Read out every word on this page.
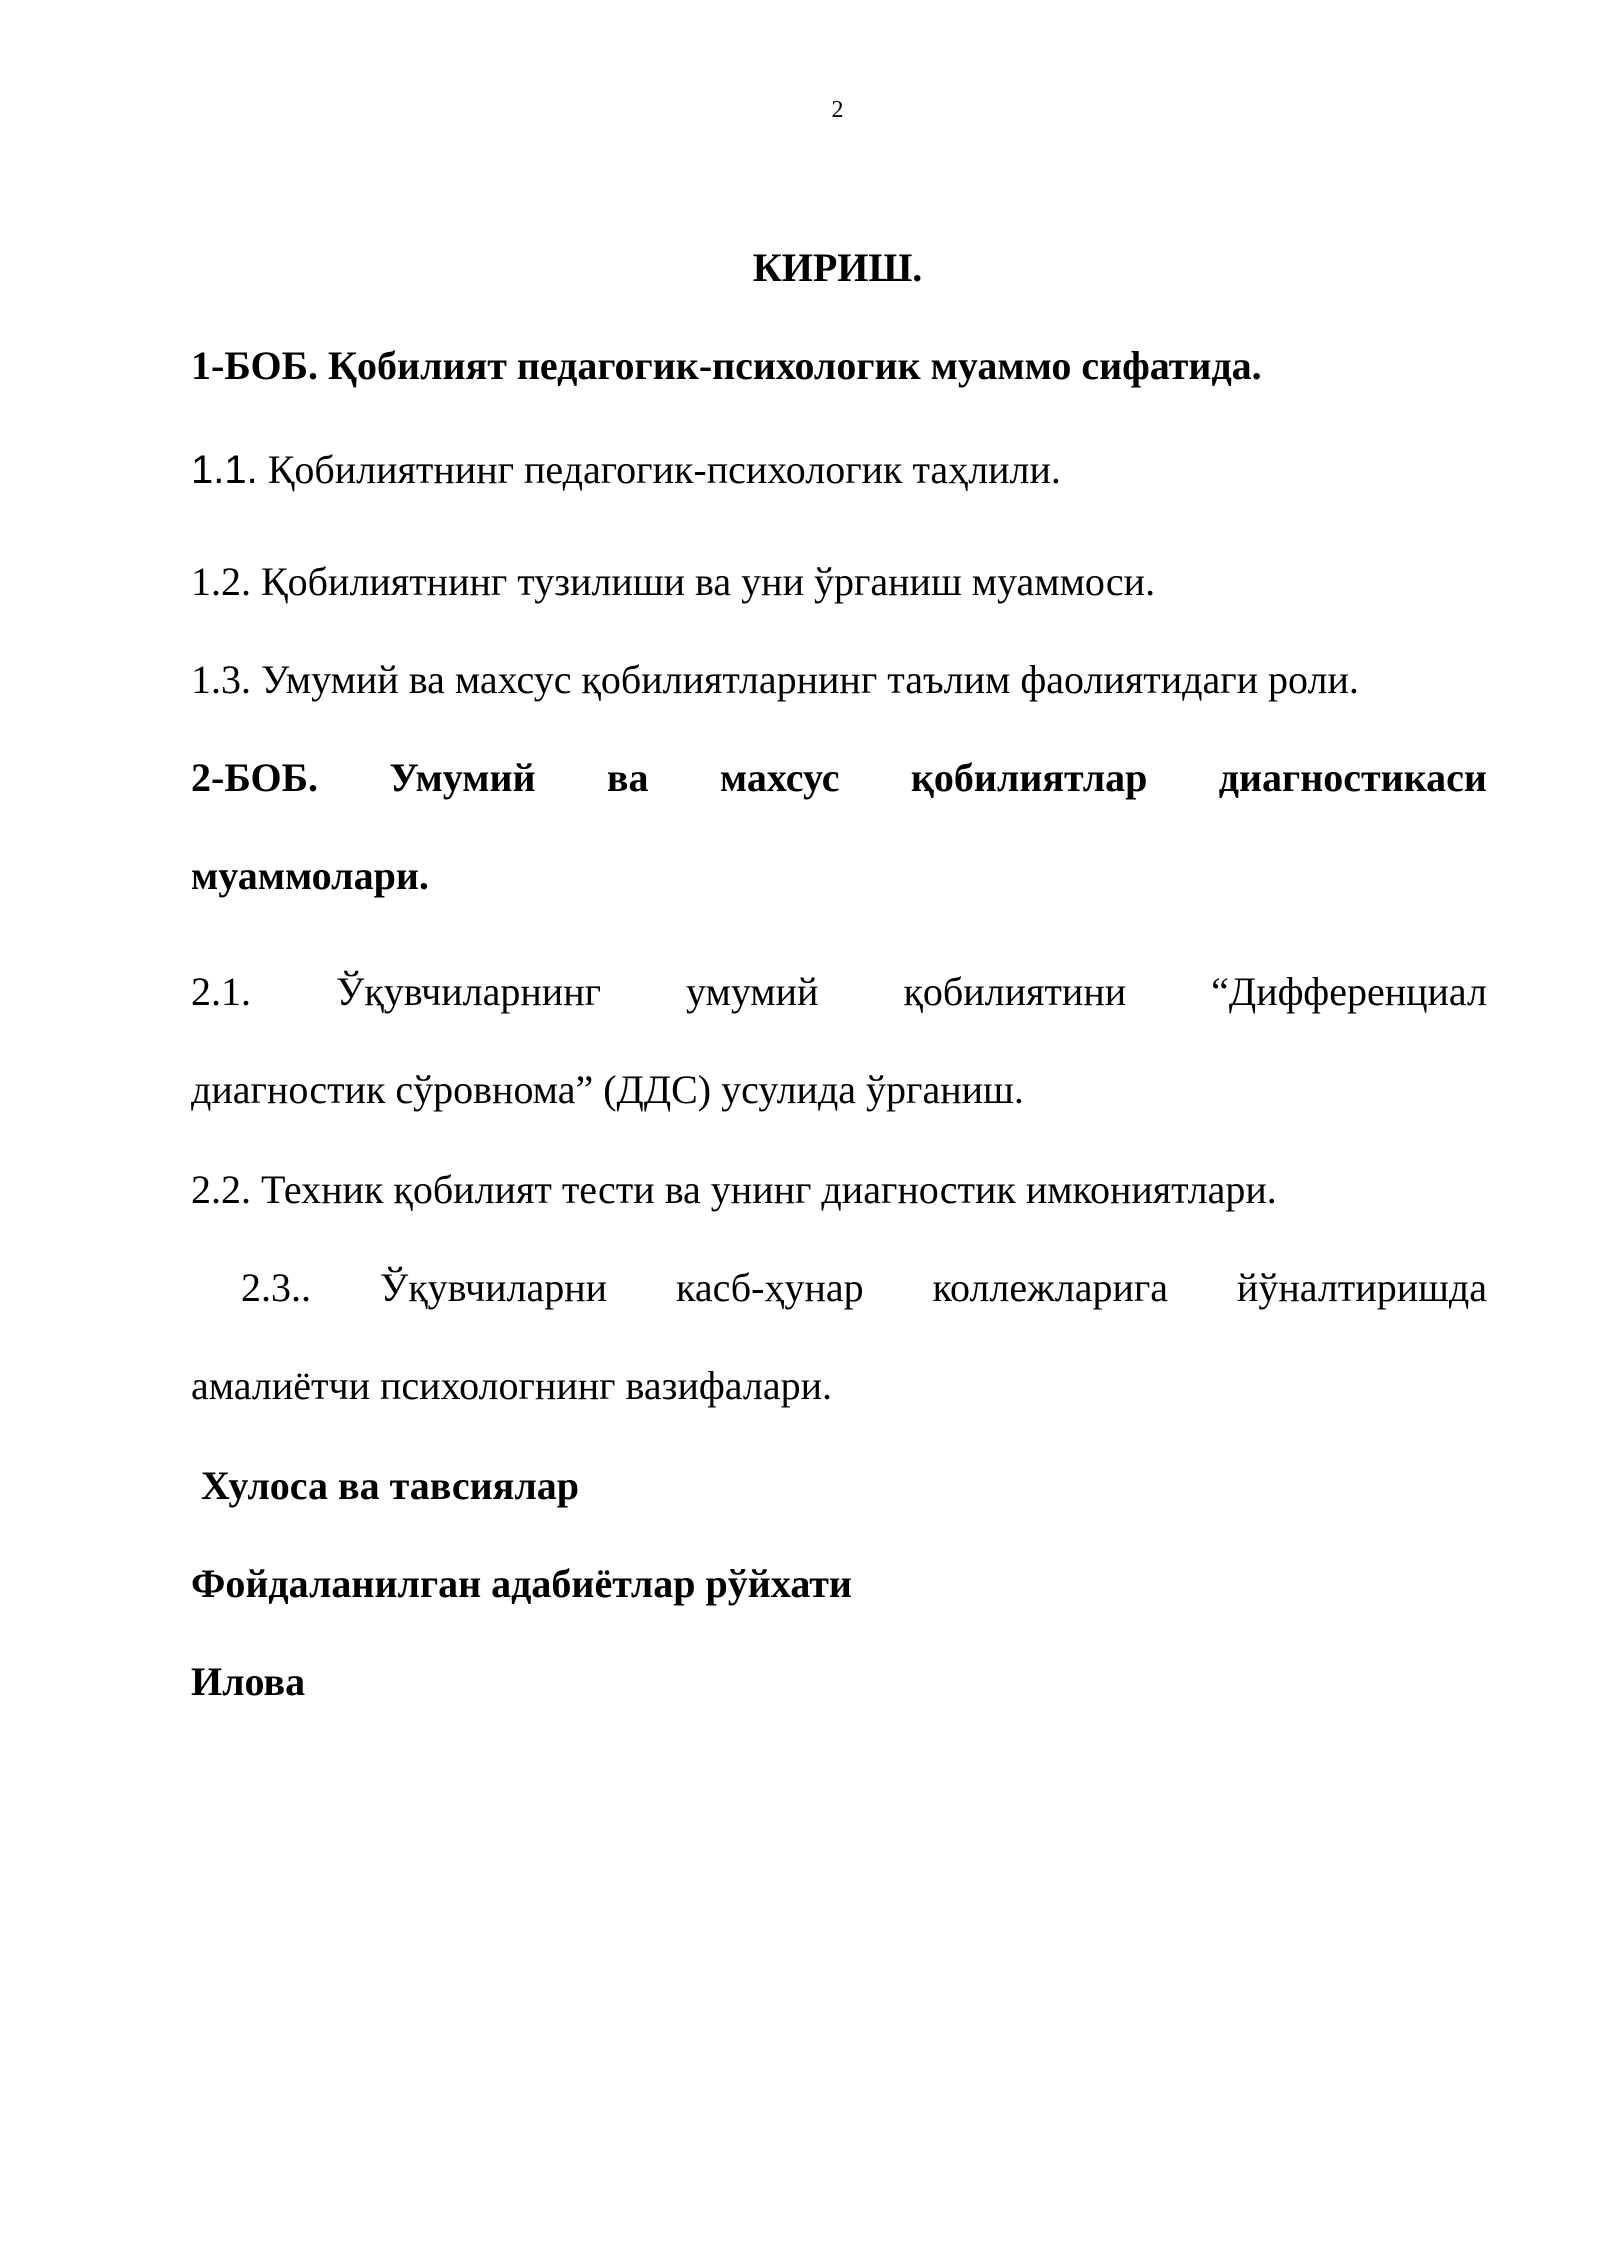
2
КИРИШ.
1-БОБ. Қобилият педагогик-психологик муаммо сифатида.
1.1. Қобилиятнинг педагогик-психологик таҳлили.
1.2. Қобилиятнинг тузилиши ва уни ўрганиш муаммоси.
1.3. Умумий ва махсус қобилиятларнинг таълим фаолиятидаги роли.
2-БОБ. Умумий ва махсус қобилиятлар диагностикаси
муаммолари.
2.1. Ўқувчиларнинг умумий қобилиятини “Дифференциал
диагностик сўровнома” (ДДС) усулида ўрганиш.
2.2. Техник қобилият тести ва унинг диагностик имкониятлари.
2.3.. Ўқувчиларни касб-ҳунар коллежларига йўналтиришда
амалиётчи психологнинг вазифалари.
Хулоса ва тавсиялар
Фойдаланилган адабиётлар рўйхати
Илова
